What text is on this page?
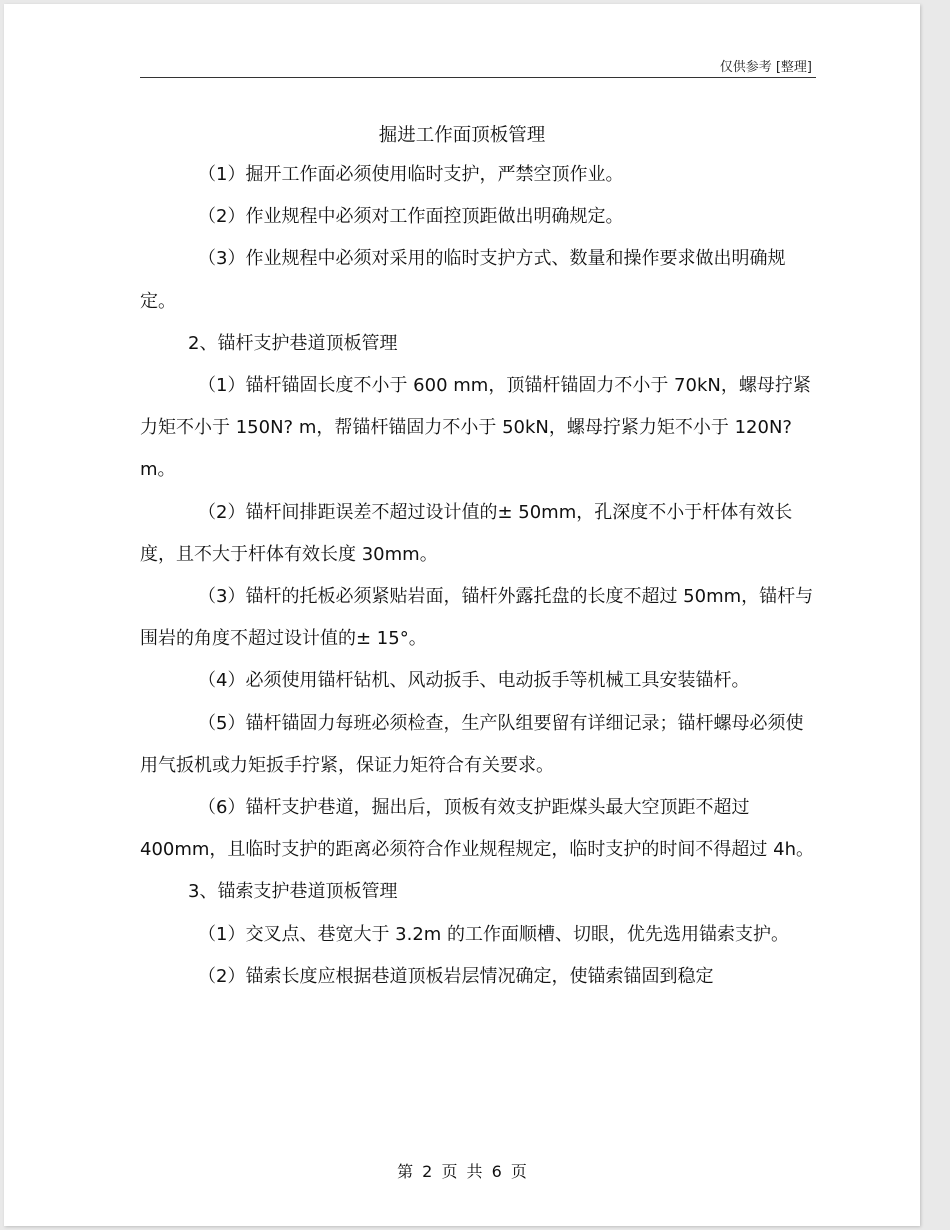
仅供参考 [整理]
掘进工作面顶板管理

（1）掘开工作面必须使用临时支护，严禁空顶作业。

（2）作业规程中必须对工作面控顶距做出明确规定。

（3）作业规程中必须对采用的临时支护方式、数量和操作要求做出明确规定。

2、锚杆支护巷道顶板管理

（1）锚杆锚固长度不小于 600 mm，顶锚杆锚固力不小于 70kN，螺母拧紧力矩不小于 150N? m，帮锚杆锚固力不小于 50kN，螺母拧紧力矩不小于 120N? m。

（2）锚杆间排距误差不超过设计值的± 50mm，孔深度不小于杆体有效长度，且不大于杆体有效长度 30mm。

（3）锚杆的托板必须紧贴岩面，锚杆外露托盘的长度不超过 50mm，锚杆与围岩的角度不超过设计值的± 15°。

（4）必须使用锚杆钻机、风动扳手、电动扳手等机械工具安装锚杆。

（5）锚杆锚固力每班必须检查，生产队组要留有详细记录；锚杆螺母必须使用气扳机或力矩扳手拧紧，保证力矩符合有关要求。

（6）锚杆支护巷道，掘出后，顶板有效支护距煤头最大空顶距不超过 400mm，且临时支护的距离必须符合作业规程规定，临时支护的时间不得超过 4h。

3、锚索支护巷道顶板管理

（1）交叉点、巷宽大于 3.2m 的工作面顺槽、切眼，优先选用锚索支护。

（2）锚索长度应根据巷道顶板岩层情况确定，使锚索锚固到稳定

第 2 页 共 6 页
